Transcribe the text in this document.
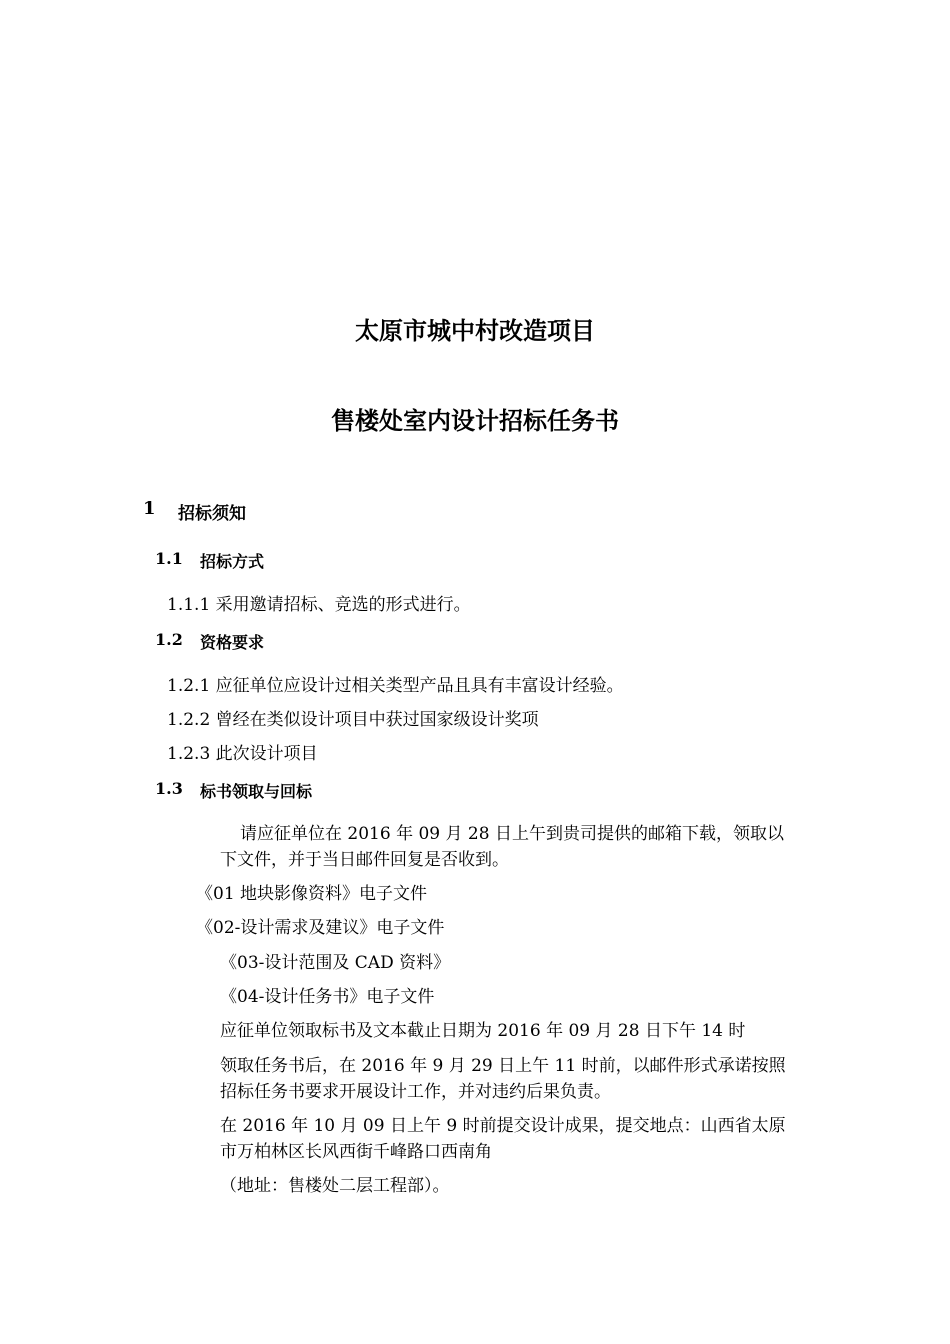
太原市城中村改造项目
售楼处室内设计招标任务书
1 招标须知
1.1 招标方式
1.1.1 采用邀请招标、竞选的形式进行。
1.2 资格要求
1.2.1 应征单位应设计过相关类型产品且具有丰富设计经验。
1.2.2 曾经在类似设计项目中获过国家级设计奖项
1.2.3 此次设计项目
1.3 标书领取与回标
请应征单位在 2016 年 09 月 28 日上午到贵司提供的邮箱下载，领取以
下文件，并于当日邮件回复是否收到。
《01 地块影像资料》电子文件
《02-设计需求及建议》电子文件
《03-设计范围及 CAD 资料》
《04-设计任务书》电子文件
应征单位领取标书及文本截止日期为 2016 年 09 月 28 日下午 14 时
领取任务书后，在 2016 年 9 月 29 日上午 11 时前，以邮件形式承诺按照
招标任务书要求开展设计工作，并对违约后果负责。
在 2016 年 10 月 09 日上午 9 时前提交设计成果，提交地点：山西省太原
市万柏林区长风西街千峰路口西南角
（地址：售楼处二层工程部）。
